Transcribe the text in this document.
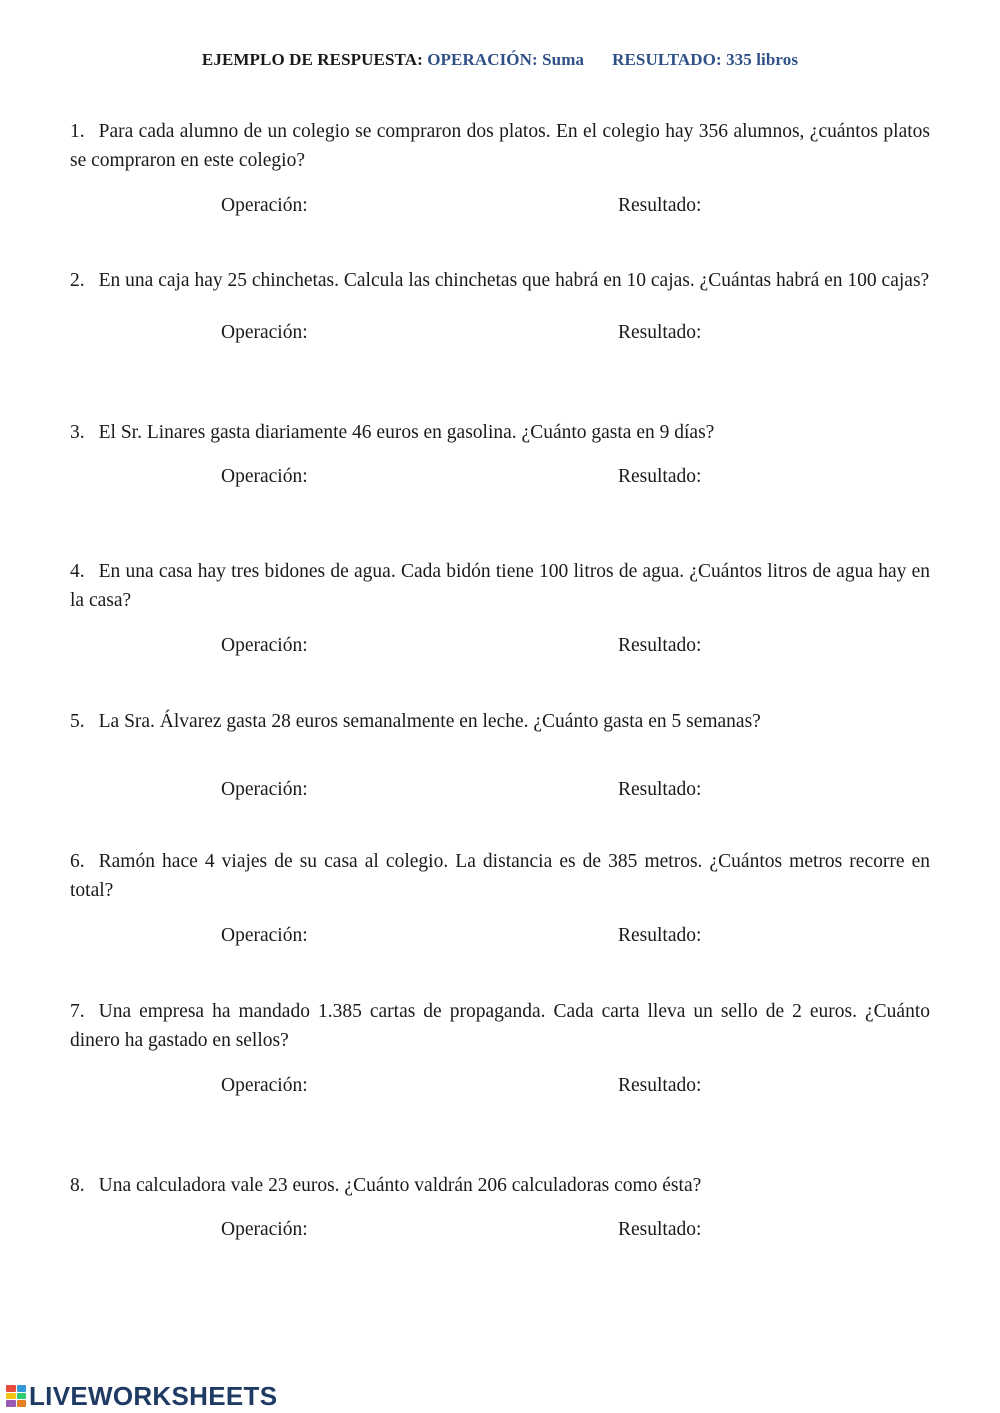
EJEMPLO DE RESPUESTA: OPERACIÓN: Suma RESULTADO: 335 libros
1. Para cada alumno de un colegio se compraron dos platos. En el colegio hay 356 alumnos, ¿cuántos platos se compraron en este colegio?
Operación:	Resultado:
2. En una caja hay 25 chinchetas. Calcula las chinchetas que habrá en 10 cajas. ¿Cuántas habrá en 100 cajas?
Operación:	Resultado:
3. El Sr. Linares gasta diariamente 46 euros en gasolina. ¿Cuánto gasta en 9 días?
Operación:	Resultado:
4. En una casa hay tres bidones de agua. Cada bidón tiene 100 litros de agua. ¿Cuántos litros de agua hay en la casa?
Operación:	Resultado:
5. La Sra. Álvarez gasta 28 euros semanalmente en leche. ¿Cuánto gasta en 5 semanas?
Operación:	Resultado:
6. Ramón hace 4 viajes de su casa al colegio. La distancia es de 385 metros. ¿Cuántos metros recorre en total?
Operación:	Resultado:
7. Una empresa ha mandado 1.385 cartas de propaganda. Cada carta lleva un sello de 2 euros. ¿Cuánto dinero ha gastado en sellos?
Operación:	Resultado:
8. Una calculadora vale 23 euros. ¿Cuánto valdrán 206 calculadoras como ésta?
Operación:	Resultado:
LIVEWORKSHEETS
